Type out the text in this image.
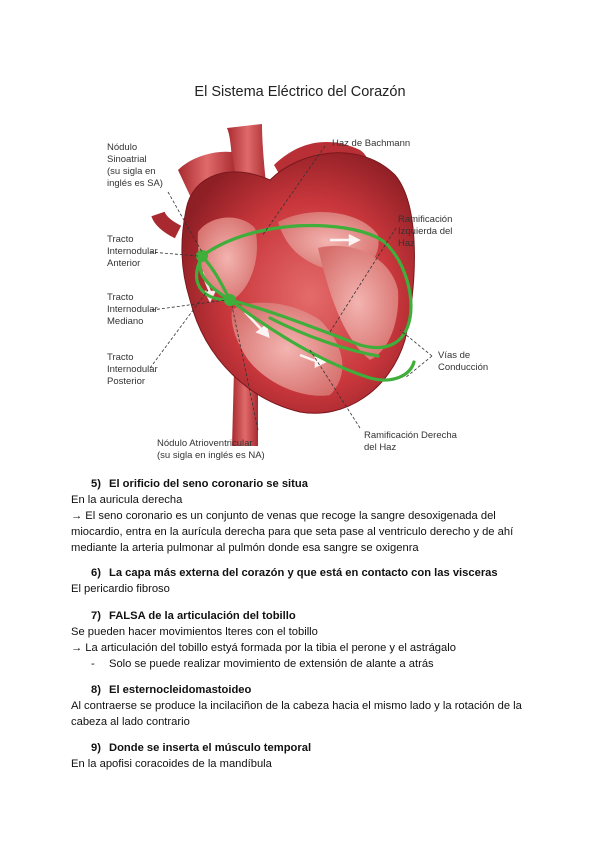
El Sistema Eléctrico del Corazón
Nódulo Sinoatrial (su sigla en inglés es SA)
Haz de Bachmann
Ramificación Izquierda del Haz
Tracto Internodular Anterior
Tracto Internodular Mediano
Tracto Internodular Posterior
Vías de Conducción
Ramificación Derecha del Haz
Nódulo Atrioventricular (su sigla en inglés es NA)

5) El orificio del seno coronario se situa

En la auricula derecha

→ El seno coronario es un conjunto de venas que recoge la sangre desoxigenada del

miocardio, entra en la aurícula derecha para que seta pase al ventriculo derecho y de ahí

mediante la arteria pulmonar al pulmón donde esa sangre se oxigenra

6) La capa más externa del corazón y que está en contacto con las visceras

El pericardio fibroso

7) FALSA de la articulación del tobillo

Se pueden hacer movimientos lteres con el tobillo

→ La articulación del tobillo estyá formada por la tibia el perone y el astrágalo

- Solo se puede realizar movimiento de extensión de alante a atrás

8) El esternocleidomastoideo

Al contraerse se produce la incilaciñon de la cabeza hacia el mismo lado y la rotación de la

cabeza al lado contrario

9) Donde se inserta el músculo temporal

En la apofisi coracoides de la mandíbula
